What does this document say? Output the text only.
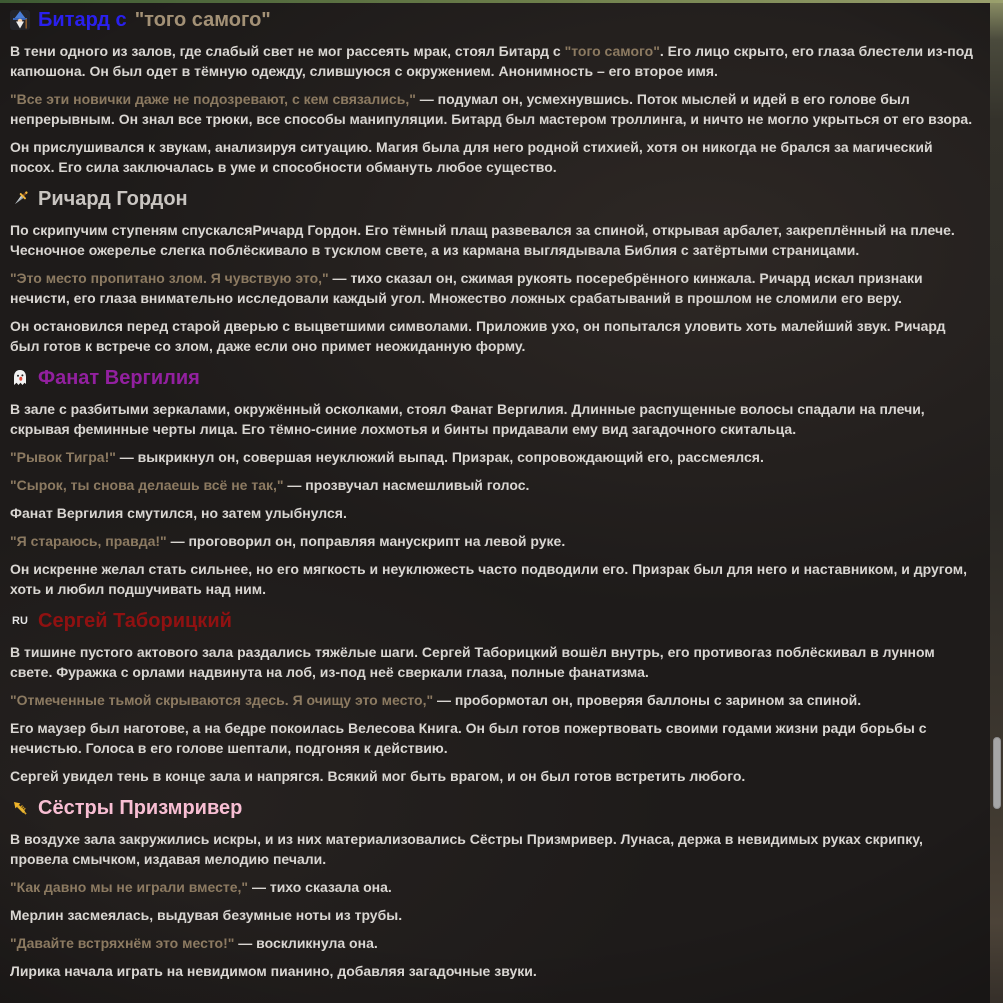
Битард с "того самого"

В тени одного из залов, где слабый свет не мог рассеять мрак, стоял Битард с "того самого". Его лицо скрыто, его глаза блестели из-под капюшона. Он был одет в тёмную одежду, слившуюся с окружением. Анонимность – его второе имя.

"Все эти новички даже не подозревают, с кем связались," — подумал он, усмехнувшись. Поток мыслей и идей в его голове был непрерывным. Он знал все трюки, все способы манипуляции. Битард был мастером троллинга, и ничто не могло укрыться от его взора.

Он прислушивался к звукам, анализируя ситуацию. Магия была для него родной стихией, хотя он никогда не брался за магический посох. Его сила заключалась в уме и способности обмануть любое существо.

Ричард Гордон

По скрипучим ступеням спускалсяРичард Гордон. Его тёмный плащ развевался за спиной, открывая арбалет, закреплённый на плече. Чесночное ожерелье слегка поблёскивало в тусклом свете, а из кармана выглядывала Библия с затёртыми страницами.

"Это место пропитано злом. Я чувствую это," — тихо сказал он, сжимая рукоять посеребрённого кинжала. Ричард искал признаки нечисти, его глаза внимательно исследовали каждый угол. Множество ложных срабатываний в прошлом не сломили его веру.

Он остановился перед старой дверью с выцветшими символами. Приложив ухо, он попытался уловить хоть малейший звук. Ричард был готов к встрече со злом, даже если оно примет неожиданную форму.

Фанат Вергилия

В зале с разбитыми зеркалами, окружённый осколками, стоял Фанат Вергилия. Длинные распущенные волосы спадали на плечи, скрывая феминные черты лица. Его тёмно-синие лохмотья и бинты придавали ему вид загадочного скитальца.

"Рывок Тигра!" — выкрикнул он, совершая неуклюжий выпад. Призрак, сопровождающий его, рассмеялся.

"Сырок, ты снова делаешь всё не так," — прозвучал насмешливый голос.

Фанат Вергилия смутился, но затем улыбнулся.

"Я стараюсь, правда!" — проговорил он, поправляя манускрипт на левой руке.

Он искренне желал стать сильнее, но его мягкость и неуклюжесть часто подводили его. Призрак был для него и наставником, и другом, хоть и любил подшучивать над ним.

RU Сергей Таборицкий

В тишине пустого актового зала раздались тяжёлые шаги. Сергей Таборицкий вошёл внутрь, его противогаз поблёскивал в лунном свете. Фуражка с орлами надвинута на лоб, из-под неё сверкали глаза, полные фанатизма.

"Отмеченные тьмой скрываются здесь. Я очищу это место," — пробормотал он, проверяя баллоны с зарином за спиной.

Его маузер был наготове, а на бедре покоилась Велесова Книга. Он был готов пожертвовать своими годами жизни ради борьбы с нечистью. Голоса в его голове шептали, подгоняя к действию.

Сергей увидел тень в конце зала и напрягся. Всякий мог быть врагом, и он был готов встретить любого.

Сёстры Призмривер

В воздухе зала закружились искры, и из них материализовались Сёстры Призмривер. Лунаса, держа в невидимых руках скрипку, провела смычком, издавая мелодию печали.

"Как давно мы не играли вместе," — тихо сказала она.

Мерлин засмеялась, выдувая безумные ноты из трубы.

"Давайте встряхнём это место!" — воскликнула она.

Лирика начала играть на невидимом пианино, добавляя загадочные звуки.
